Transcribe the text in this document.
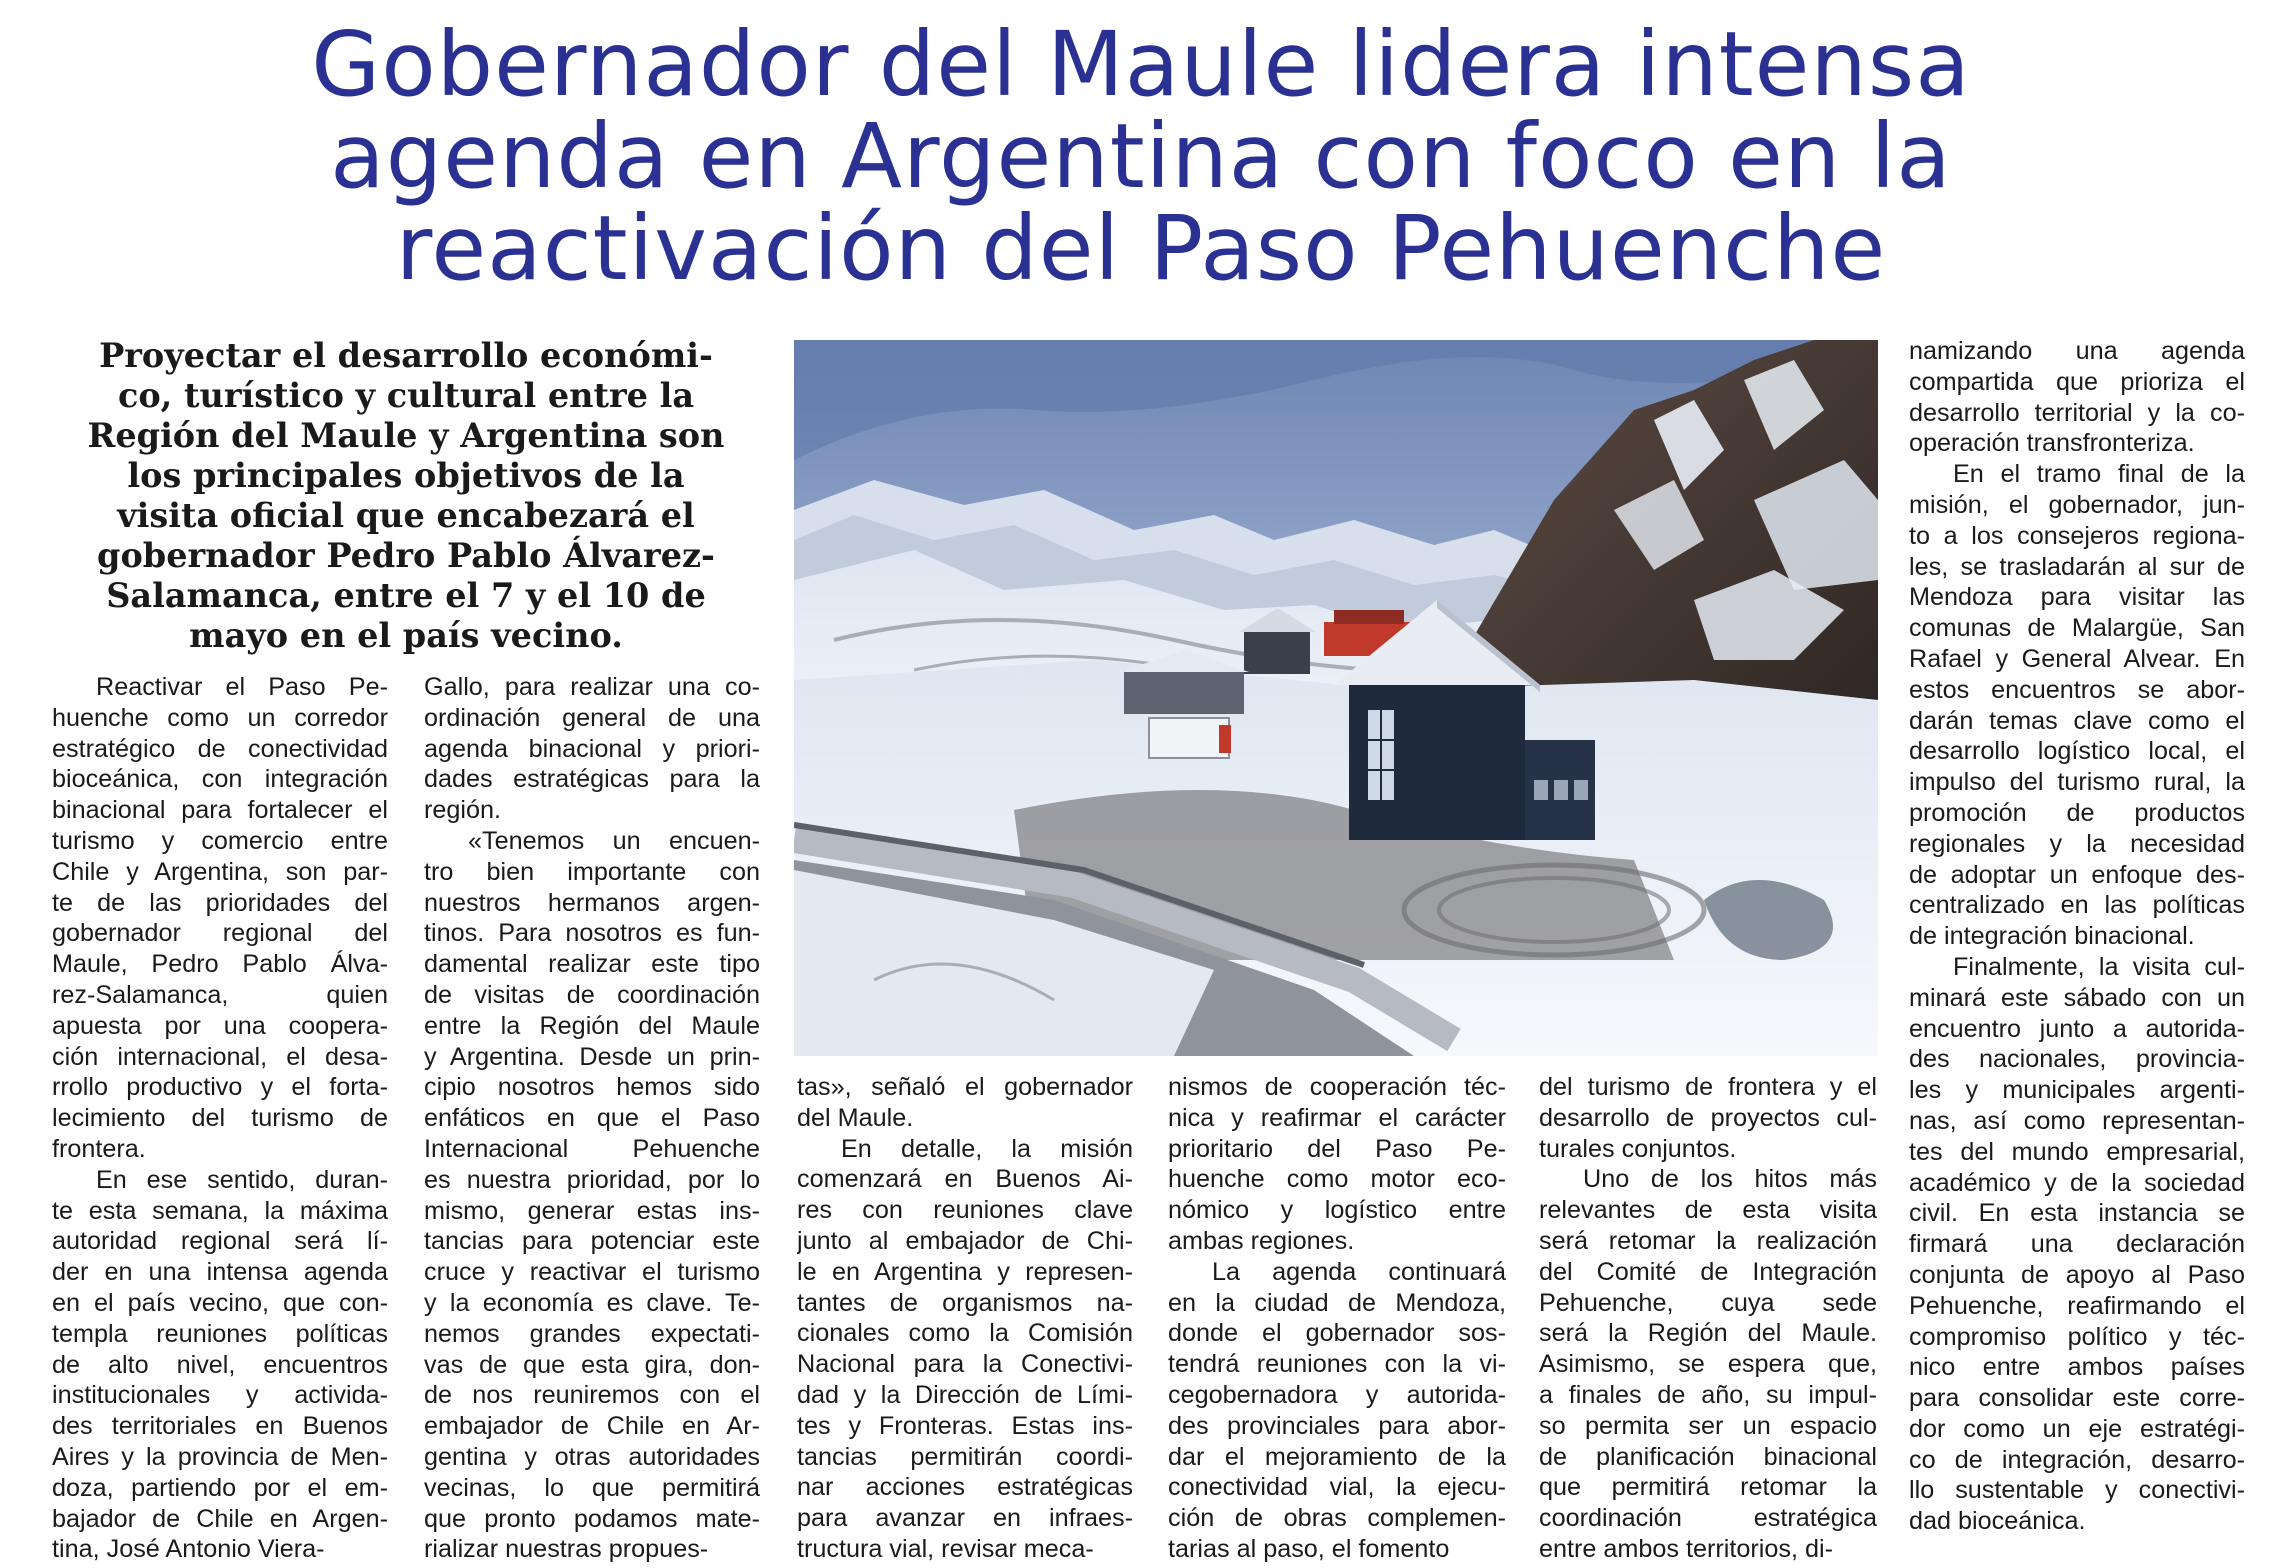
Gobernador del Maule lidera intensa
agenda en Argentina con foco en la
reactivación del Paso Pehuenche
Proyectar el desarrollo económi-
co, turístico y cultural entre la
Región del Maule y Argentina son
los principales objetivos de la
visita oficial que encabezará el
gobernador Pedro Pablo Álvarez-
Salamanca, entre el 7 y el 10 de
mayo en el país vecino.
Reactivar el Paso Pe-
huenche como un corredor
estratégico de conectividad
bioceánica, con integración
binacional para fortalecer el
turismo y comercio entre
Chile y Argentina, son par-
te de las prioridades del
gobernador regional del
Maule, Pedro Pablo Álva-
rez-Salamanca, quien
apuesta por una coopera-
ción internacional, el desa-
rrollo productivo y el forta-
lecimiento del turismo de
frontera.
En ese sentido, duran-
te esta semana, la máxima
autoridad regional será lí-
der en una intensa agenda
en el país vecino, que con-
templa reuniones políticas
de alto nivel, encuentros
institucionales y activida-
des territoriales en Buenos
Aires y la provincia de Men-
doza, partiendo por el em-
bajador de Chile en Argen-
tina, José Antonio Viera-
Gallo, para realizar una co-
ordinación general de una
agenda binacional y priori-
dades estratégicas para la
región.
«Tenemos un encuen-
tro bien importante con
nuestros hermanos argen-
tinos. Para nosotros es fun-
damental realizar este tipo
de visitas de coordinación
entre la Región del Maule
y Argentina. Desde un prin-
cipio nosotros hemos sido
enfáticos en que el Paso
Internacional Pehuenche
es nuestra prioridad, por lo
mismo, generar estas ins-
tancias para potenciar este
cruce y reactivar el turismo
y la economía es clave. Te-
nemos grandes expectati-
vas de que esta gira, don-
de nos reuniremos con el
embajador de Chile en Ar-
gentina y otras autoridades
vecinas, lo que permitirá
que pronto podamos mate-
rializar nuestras propues-
tas», señaló el gobernador
del Maule.
En detalle, la misión
comenzará en Buenos Ai-
res con reuniones clave
junto al embajador de Chi-
le en Argentina y represen-
tantes de organismos na-
cionales como la Comisión
Nacional para la Conectivi-
dad y la Dirección de Lími-
tes y Fronteras. Estas ins-
tancias permitirán coordi-
nar acciones estratégicas
para avanzar en infraes-
tructura vial, revisar meca-
nismos de cooperación téc-
nica y reafirmar el carácter
prioritario del Paso Pe-
huenche como motor eco-
nómico y logístico entre
ambas regiones.
La agenda continuará
en la ciudad de Mendoza,
donde el gobernador sos-
tendrá reuniones con la vi-
cegobernadora y autorida-
des provinciales para abor-
dar el mejoramiento de la
conectividad vial, la ejecu-
ción de obras complemen-
tarias al paso, el fomento
del turismo de frontera y el
desarrollo de proyectos cul-
turales conjuntos.
Uno de los hitos más
relevantes de esta visita
será retomar la realización
del Comité de Integración
Pehuenche, cuya sede
será la Región del Maule.
Asimismo, se espera que,
a finales de año, su impul-
so permita ser un espacio
de planificación binacional
que permitirá retomar la
coordinación estratégica
entre ambos territorios, di-
namizando una agenda
compartida que prioriza el
desarrollo territorial y la co-
operación transfronteriza.
En el tramo final de la
misión, el gobernador, jun-
to a los consejeros regiona-
les, se trasladarán al sur de
Mendoza para visitar las
comunas de Malargüe, San
Rafael y General Alvear. En
estos encuentros se abor-
darán temas clave como el
desarrollo logístico local, el
impulso del turismo rural, la
promoción de productos
regionales y la necesidad
de adoptar un enfoque des-
centralizado en las políticas
de integración binacional.
Finalmente, la visita cul-
minará este sábado con un
encuentro junto a autorida-
des nacionales, provincia-
les y municipales argenti-
nas, así como representan-
tes del mundo empresarial,
académico y de la sociedad
civil. En esta instancia se
firmará una declaración
conjunta de apoyo al Paso
Pehuenche, reafirmando el
compromiso político y téc-
nico entre ambos países
para consolidar este corre-
dor como un eje estratégi-
co de integración, desarro-
llo sustentable y conectivi-
dad bioceánica.
